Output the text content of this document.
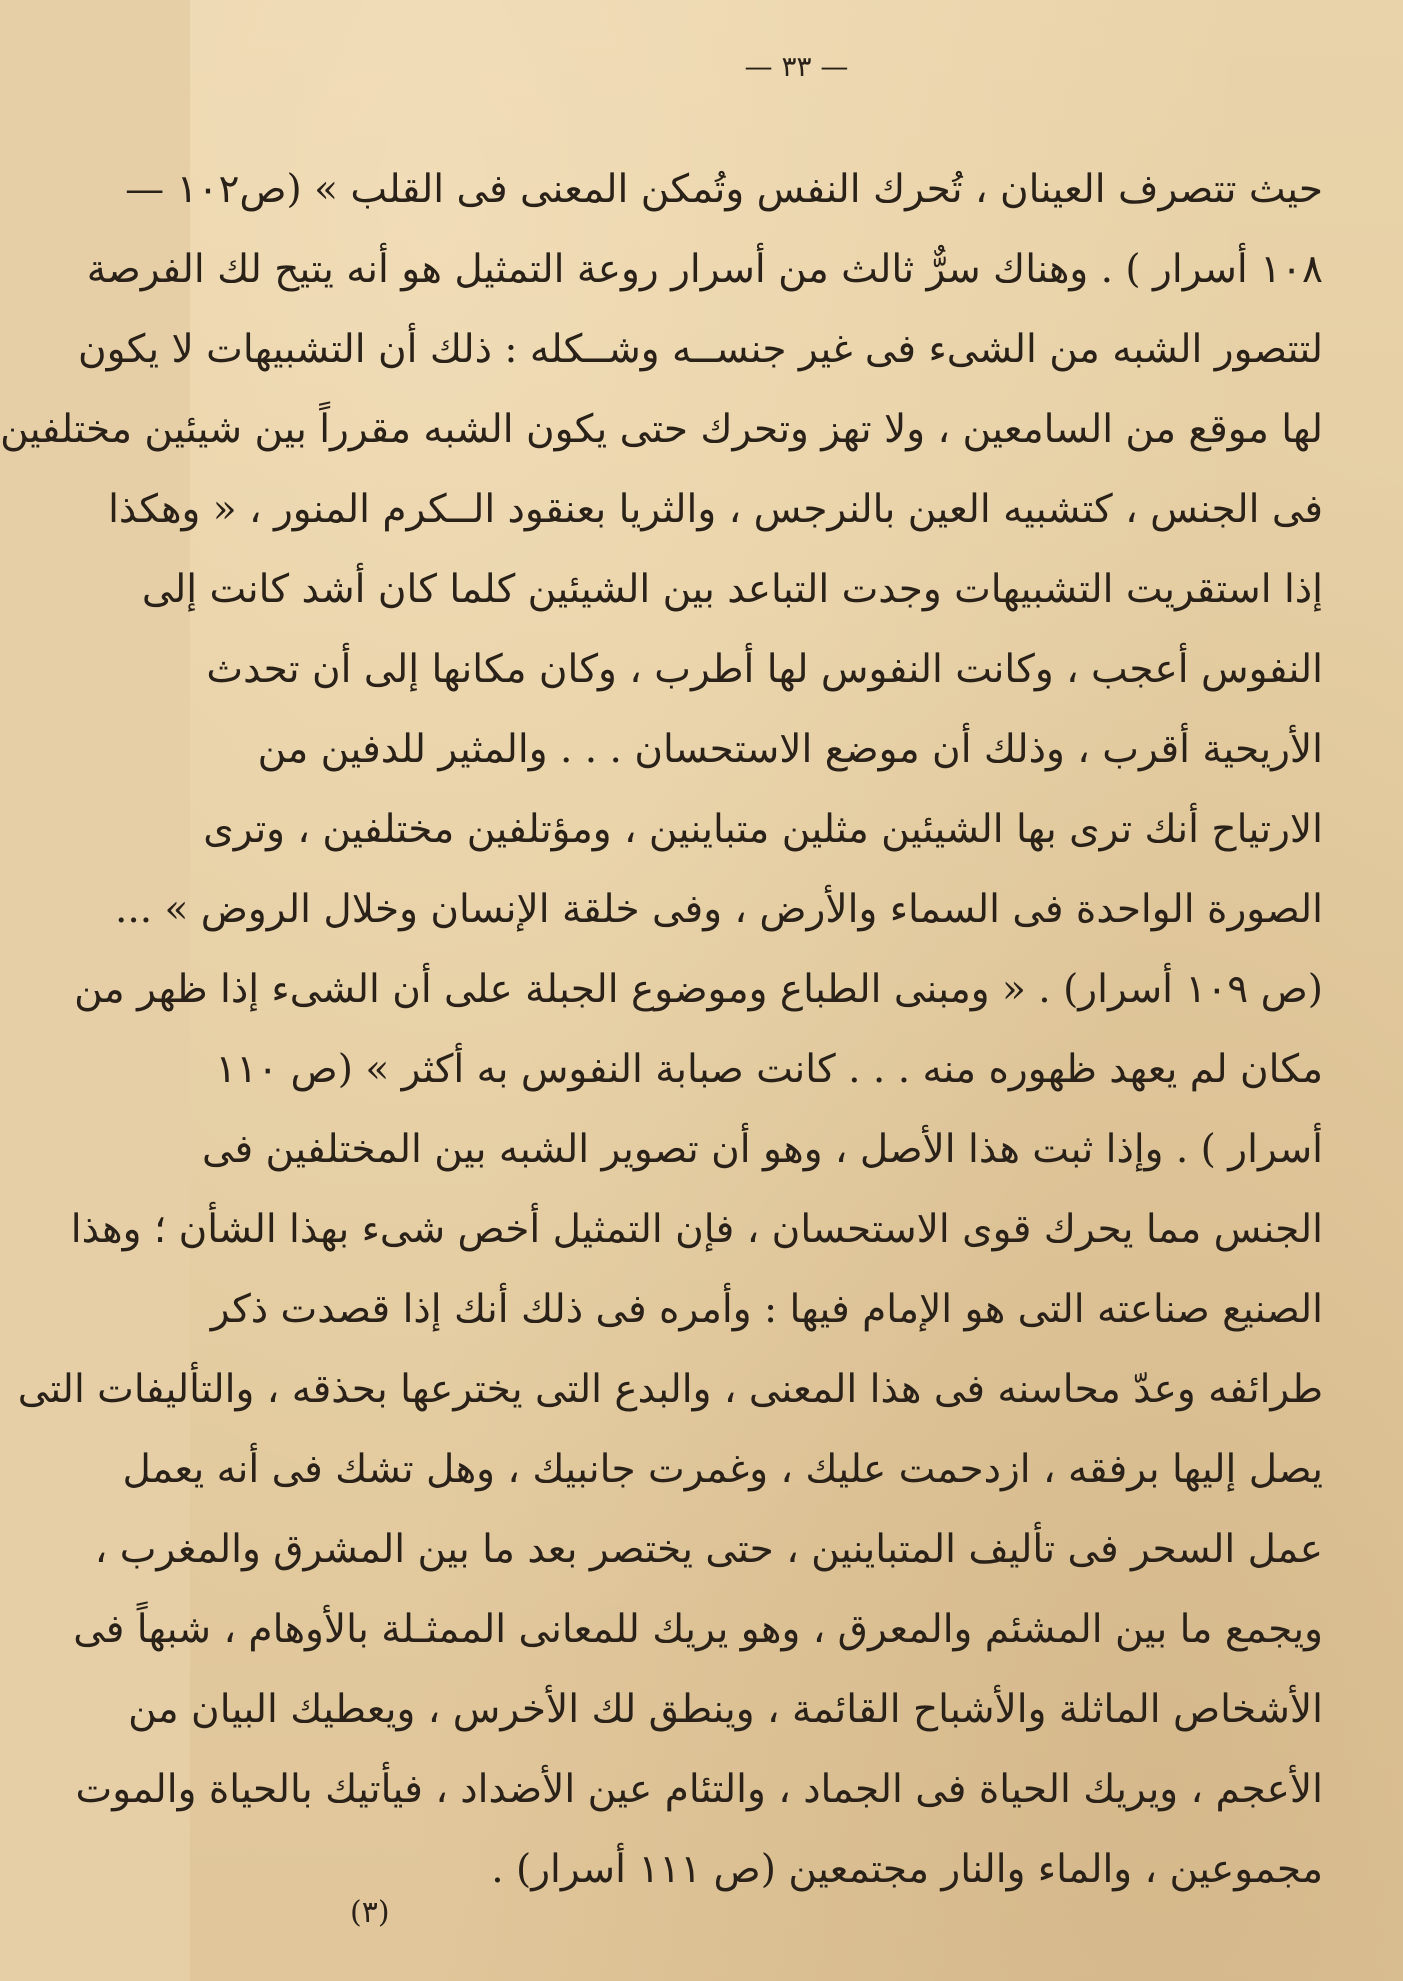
— ٣٣ —
حيث تتصرف العينان ، تُحرك النفس وتُمكن المعنى فى القلب » (ص١٠٢ —
١٠٨ أسرار ) . وهناك سرٌّ ثالث من أسرار روعة التمثيل هو أنه يتيح لك الفرصة
لتتصور الشبه من الشىء فى غير جنســه وشــكله : ذلك أن التشبيهات لا يكون
لها موقع من السامعين ، ولا تهز وتحرك حتى يكون الشبه مقرراً بين شيئين مختلفين
فى الجنس ، كتشبيه العين بالنرجس ، والثريا بعنقود الــكرم المنور ، « وهكذا
إذا استقريت التشبيهات وجدت التباعد بين الشيئين كلما كان أشد كانت إلى
النفوس أعجب ، وكانت النفوس لها أطرب ، وكان مكانها إلى أن تحدث
الأريحية أقرب ، وذلك أن موضع الاستحسان . . . والمثير للدفين من
الارتياح أنك ترى بها الشيئين مثلين متباينين ، ومؤتلفين مختلفين ، وترى
الصورة الواحدة فى السماء والأرض ، وفى خلقة الإنسان وخلال الروض » ...
(ص ١٠٩ أسرار) . « ومبنى الطباع وموضوع الجبلة على أن الشىء إذا ظهر من
مكان لم يعهد ظهوره منه . . . كانت صبابة النفوس به أكثر » (ص ١١٠
أسرار ) . وإذا ثبت هذا الأصل ، وهو أن تصوير الشبه بين المختلفين فى
الجنس مما يحرك قوى الاستحسان ، فإن التمثيل أخص شىء بهذا الشأن ؛ وهذا
الصنيع صناعته التى هو الإمام فيها : وأمره فى ذلك أنك إذا قصدت ذكر
طرائفه وعدّ محاسنه فى هذا المعنى ، والبدع التى يخترعها بحذقه ، والتأليفات التى
يصل إليها برفقه ، ازدحمت عليك ، وغمرت جانبيك ، وهل تشك فى أنه يعمل
عمل السحر فى تأليف المتباينين ، حتى يختصر بعد ما بين المشرق والمغرب ،
ويجمع ما بين المشئم والمعرق ، وهو يريك للمعانى الممثـلة بالأوهام ، شبهاً فى
الأشخاص الماثلة والأشباح القائمة ، وينطق لك الأخرس ، ويعطيك البيان من
الأعجم ، ويريك الحياة فى الجماد ، والتئام عين الأضداد ، فيأتيك بالحياة والموت
مجموعين ، والماء والنار مجتمعين (ص ١١١ أسرار) .
(٣)
